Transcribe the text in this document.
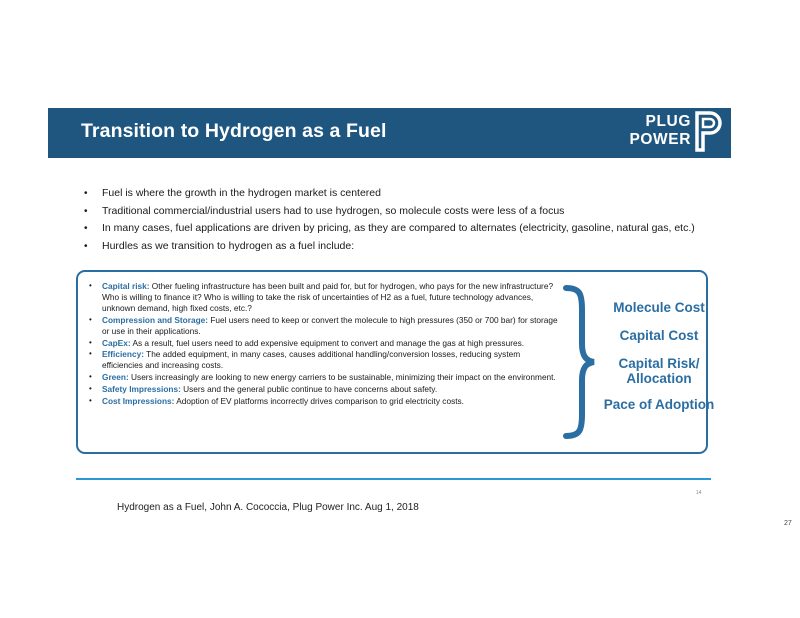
Transition to Hydrogen as a Fuel	PLUG
POWER
• Fuel is where the growth in the hydrogen market is centered
• Traditional commercial/industrial users had to use hydrogen, so molecule costs were less of a focus
• In many cases, fuel applications are driven by pricing, as they are compared to alternates (electricity, gasoline, natural gas, etc.)
• Hurdles as we transition to hydrogen as a fuel include:
• Capital risk: Other fueling infrastructure has been built and paid for, but for hydrogen, who pays for the new infrastructure? Who is willing to finance it? Who is willing to take the risk of uncertainties of H2 as a fuel, future technology advances, unknown demand, high fixed costs, etc.?
• Compression and Storage: Fuel users need to keep or convert the molecule to high pressures (350 or 700 bar) for storage or use in their applications.
• CapEx: As a result, fuel users need to add expensive equipment to convert and manage the gas at high pressures.
• Efficiency: The added equipment, in many cases, causes additional handling/conversion losses, reducing system efficiencies and increasing costs.
• Green: Users increasingly are looking to new energy carriers to be sustainable, minimizing their impact on the environment.
• Safety Impressions: Users and the general public continue to have concerns about safety.
• Cost Impressions: Adoption of EV platforms incorrectly drives comparison to grid electricity costs.
Molecule Cost
Capital Cost
Capital Risk/ Allocation
Pace of Adoption
14
Hydrogen as a Fuel, John A. Cococcia, Plug Power Inc. Aug 1, 2018
27
